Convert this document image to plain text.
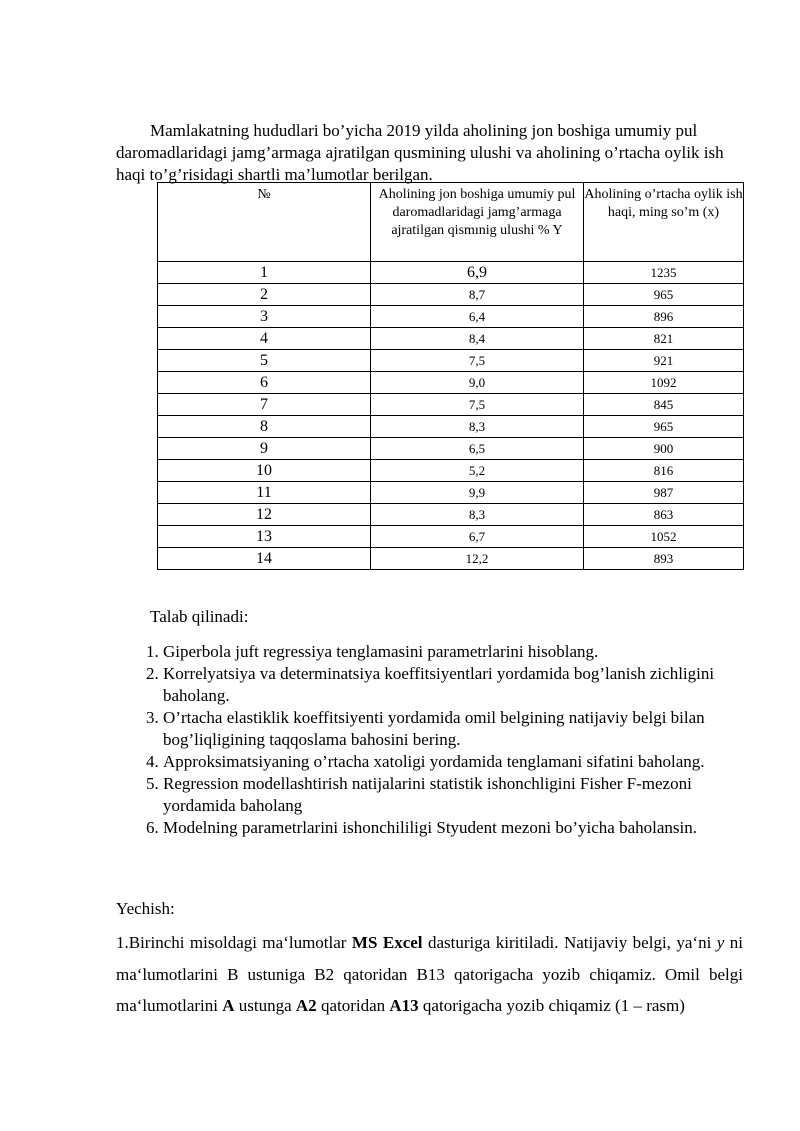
Mamlakatning hududlari bo’yicha 2019 yilda aholining jon boshiga umumiy pul daromadlaridagi jamg’armaga ajratilgan qusmining ulushi va aholining o’rtacha oylik ish haqi to’g’risidagi shartli ma’lumotlar berilgan.

№	Aholining jon boshiga umumiy pul daromadlaridagi jamg’armaga ajratilgan qismınig ulushi % Y	Aholining o’rtacha oylik ish haqi, ming so’m (x)
1	6,9	1235
2	8,7	965
3	6,4	896
4	8,4	821
5	7,5	921
6	9,0	1092
7	7,5	845
8	8,3	965
9	6,5	900
10	5,2	816
11	9,9	987
12	8,3	863
13	6,7	1052
14	12,2	893

Talab qilinadi:

1. Giperbola juft regressiya tenglamasini parametrlarini hisoblang.
2. Korrelyatsiya va determinatsiya koeffitsiyentlari yordamida bog’lanish zichligini baholang.
3. O’rtacha elastiklik koeffitsiyenti yordamida omil belgining natijaviy belgi bilan bog’liqligining taqqoslama bahosini bering.
4. Approksimatsiyaning o’rtacha xatoligi yordamida tenglamani sifatini baholang.
5. Regression modellashtirish natijalarini statistik ishonchligini Fisher F-mezoni yordamida baholang
6. Modelning parametrlarini ishonchililigi Styudent mezoni bo’yicha baholansin.

Yechish:

1.Birinchi misoldagi ma‘lumotlar MS Excel dasturiga kiritiladi. Natijaviy belgi, ya‘ni y ni ma‘lumotlarini B ustuniga B2 qatoridan B13 qatorigacha yozib chiqamiz. Omil belgi ma‘lumotlarini A ustunga A2 qatoridan A13 qatorigacha yozib chiqamiz (1 – rasm)
